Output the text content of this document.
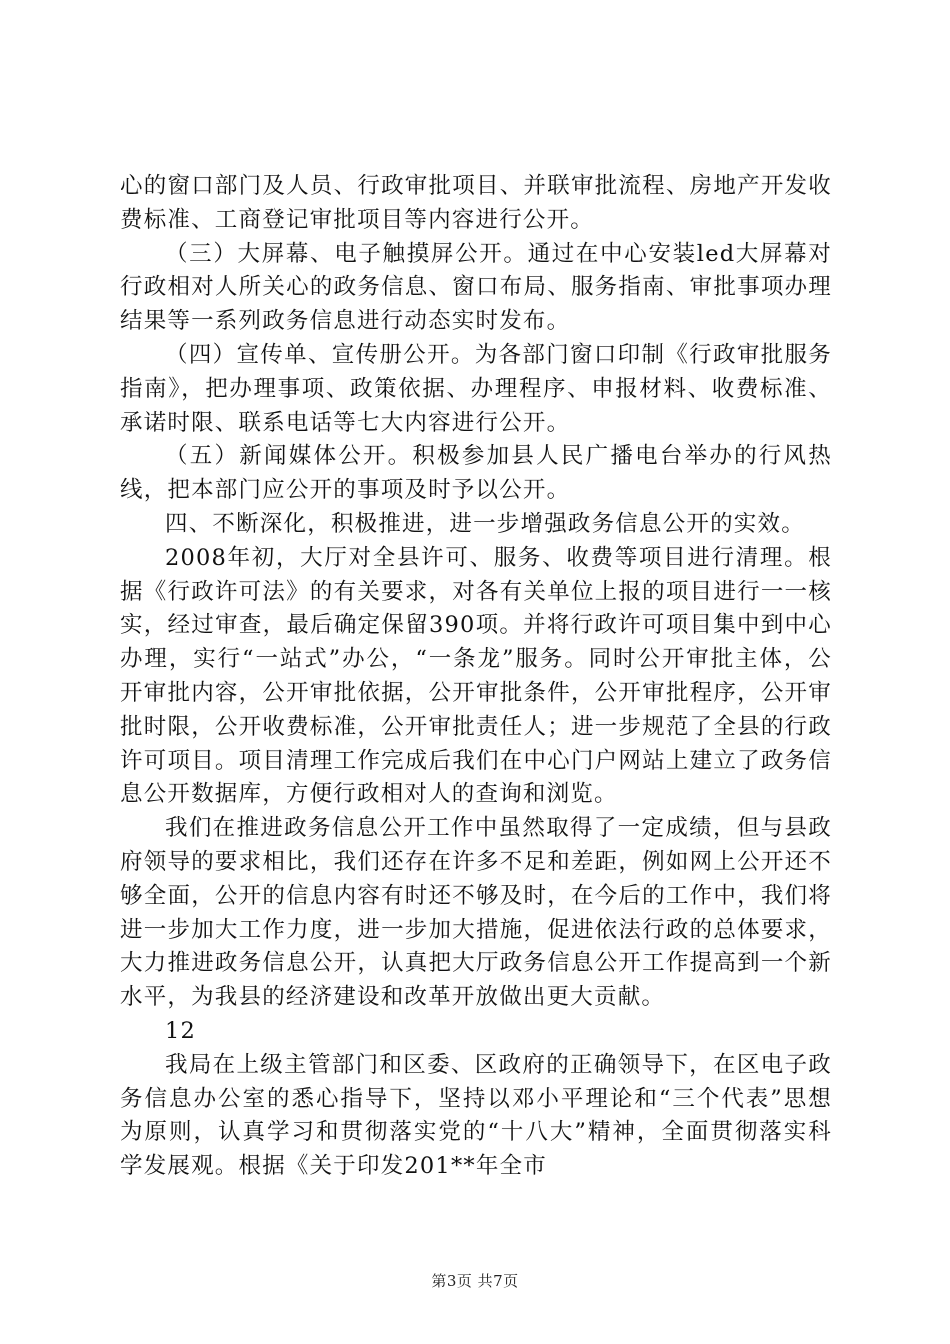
心的窗口部门及人员、行政审批项目、并联审批流程、房地产开发收费标准、工商登记审批项目等内容进行公开。

（三）大屏幕、电子触摸屏公开。通过在中心安装led大屏幕对行政相对人所关心的政务信息、窗口布局、服务指南、审批事项办理结果等一系列政务信息进行动态实时发布。

（四）宣传单、宣传册公开。为各部门窗口印制《行政审批服务指南》，把办理事项、政策依据、办理程序、申报材料、收费标准、承诺时限、联系电话等七大内容进行公开。

（五）新闻媒体公开。积极参加县人民广播电台举办的行风热线，把本部门应公开的事项及时予以公开。

四、不断深化，积极推进，进一步增强政务信息公开的实效。

2008年初，大厅对全县许可、服务、收费等项目进行清理。根据《行政许可法》的有关要求，对各有关单位上报的项目进行一一核实，经过审查，最后确定保留390项。并将行政许可项目集中到中心办理，实行“一站式”办公，“一条龙”服务。同时公开审批主体，公开审批内容，公开审批依据，公开审批条件，公开审批程序，公开审批时限，公开收费标准，公开审批责任人；进一步规范了全县的行政许可项目。项目清理工作完成后我们在中心门户网站上建立了政务信息公开数据库，方便行政相对人的查询和浏览。

我们在推进政务信息公开工作中虽然取得了一定成绩，但与县政府领导的要求相比，我们还存在许多不足和差距，例如网上公开还不够全面，公开的信息内容有时还不够及时，在今后的工作中，我们将进一步加大工作力度，进一步加大措施，促进依法行政的总体要求，大力推进政务信息公开，认真把大厅政务信息公开工作提高到一个新水平，为我县的经济建设和改革开放做出更大贡献。

12

我局在上级主管部门和区委、区政府的正确领导下，在区电子政务信息办公室的悉心指导下，坚持以邓小平理论和“三个代表”思想为原则，认真学习和贯彻落实党的“十八大”精神，全面贯彻落实科学发展观。根据《关于印发201**年全市

第3页 共7页
